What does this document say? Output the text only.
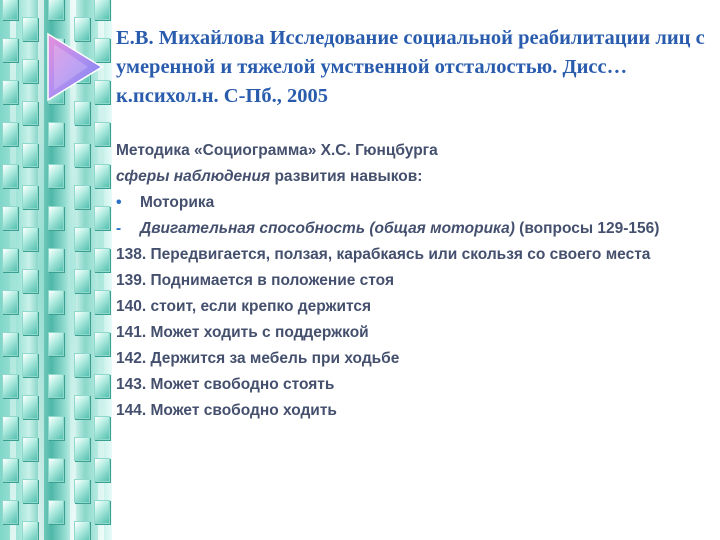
Е.В. Михайлова Исследование социальной реабилитации лиц с умеренной и тяжелой умственной отсталостью. Дисс… к.психол.н. С-Пб., 2005

Методика «Социограмма» Х.С. Гюнцбурга

сферы наблюдения развития навыков:

•	Моторика
-	Двигательная способность (общая моторика) (вопросы 129-156)

138. Передвигается, ползая, карабкаясь или скользя со своего места

139. Поднимается в положение стоя

140. стоит, если крепко держится

141. Может ходить с поддержкой

142. Держится за мебель при ходьбе

143. Может свободно стоять

144. Может свободно ходить
